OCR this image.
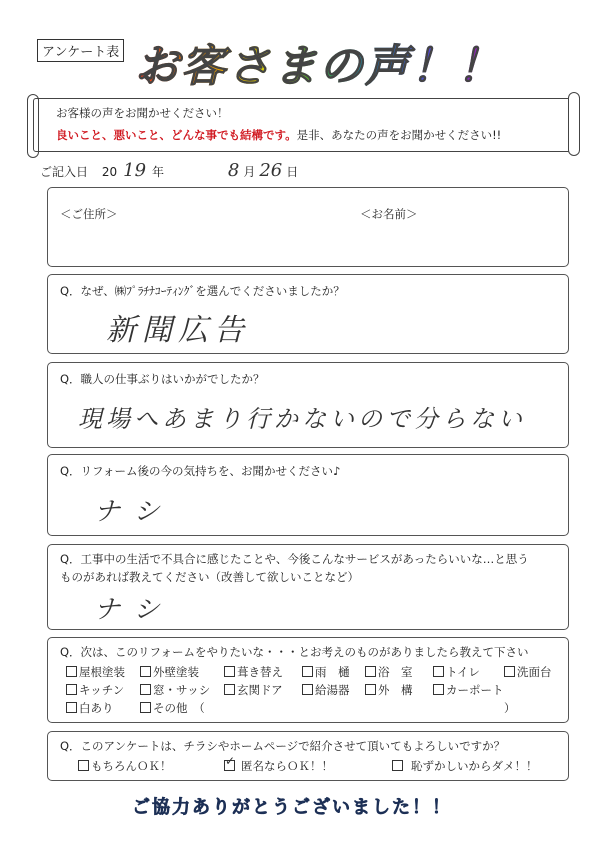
アンケート表 お客さまの声！！
お客様の声をお聞かせください！
良いこと、悪いこと、どんな事でも結構です。是非、あなたの声をお聞かせください!!
ご記入日 20 19 年	8 月 26 日
＜ご住所＞	＜お名前＞
Q．なぜ、㈱ﾌﾟﾗﾁﾅｺｰﾃｨﾝｸﾞを選んでくださいましたか？
新聞広告
Q．職人の仕事ぶりはいかがでしたか？
現場へあまり行かないので分らない
Q．リフォーム後の今の気持ちを、お聞かせください♪
ナシ
Q．工事中の生活で不具合に感じたことや、今後こんなサービスがあったらいいな…と思う
ものがあれば教えてください（改善して欲しいことなど）
ナシ
Q．次は、このリフォームをやりたいな・・・とお考えのものがありましたら教えて下さい
屋根塗装	外壁塗装	葺き替え	雨　樋	浴　室	トイレ	洗面台
キッチン	窓・サッシ	玄関ドア	給湯器	外　構	カーポート
白あり	その他　（	）
Q．このアンケートは、チラシやホームページで紹介させて頂いてもよろしいですか？
もちろんＯＫ！	✓ 匿名ならＯＫ！！	恥ずかしいからダメ！！
ご協力ありがとうございました！！
